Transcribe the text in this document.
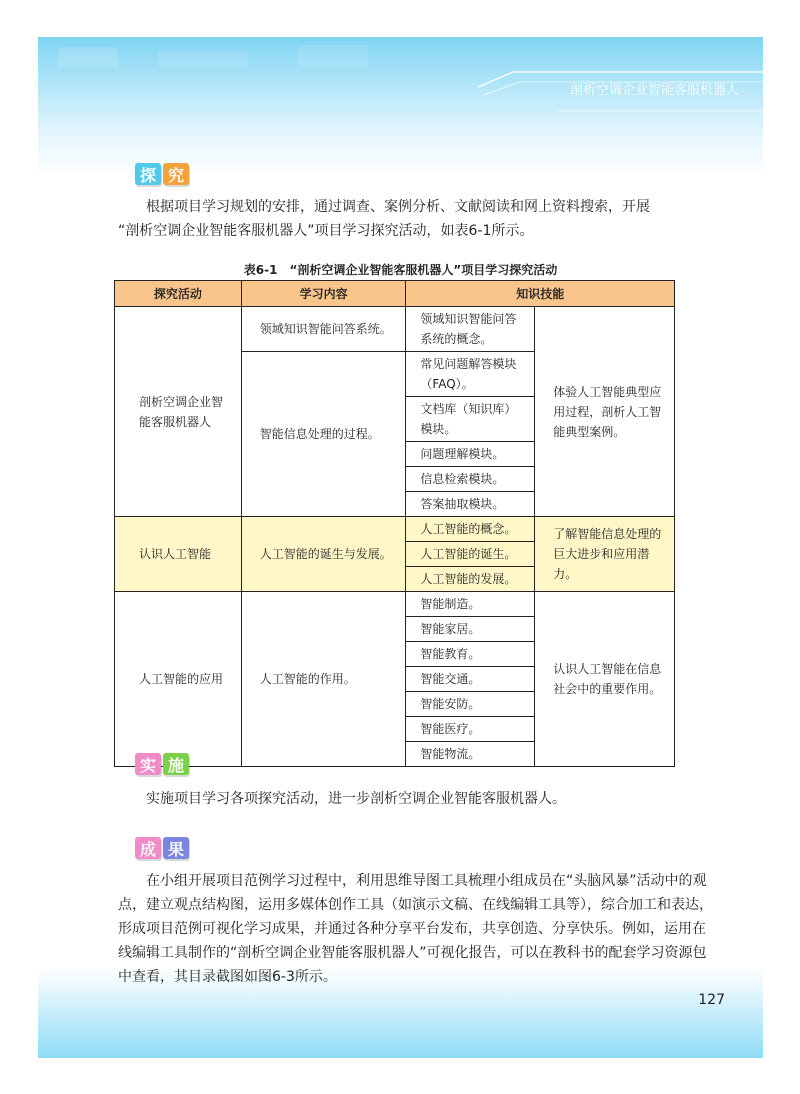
剖析空调企业智能客服机器人
127
探 究
根据项目学习规划的安排，通过调查、案例分析、文献阅读和网上资料搜索，开展
“剖析空调企业智能客服机器人”项目学习探究活动，如表6-1所示。
表6-1　“剖析空调企业智能客服机器人”项目学习探究活动
探究活动	学习内容	知识技能	
剖析空调企业智能客服机器人	领域知识智能问答系统。	领域知识智能问答系统的概念。	体验人工智能典型应用过程，剖析人工智能典型案例。
	智能信息处理的过程。	常见问题解答模块（FAQ）。	
		文档库（知识库）模块。	
		问题理解模块。	
		信息检索模块。	
		答案抽取模块。	
认识人工智能	人工智能的诞生与发展。	人工智能的概念。	了解智能信息处理的巨大进步和应用潜力。
		人工智能的诞生。	
		人工智能的发展。	
人工智能的应用	人工智能的作用。	智能制造。	认识人工智能在信息社会中的重要作用。
		智能家居。	
		智能教育。	
		智能交通。	
		智能安防。	
		智能医疗。	
		智能物流。	
实 施
实施项目学习各项探究活动，进一步剖析空调企业智能客服机器人。
成 果
在小组开展项目范例学习过程中，利用思维导图工具梳理小组成员在“头脑风暴”活动中的观点，建立观点结构图，运用多媒体创作工具（如演示文稿、在线编辑工具等），综合加工和表达，形成项目范例可视化学习成果，并通过各种分享平台发布，共享创造、分享快乐。例如，运用在线编辑工具制作的“剖析空调企业智能客服机器人”可视化报告，可以在教科书的配套学习资源包中查看，其目录截图如图6-3所示。
